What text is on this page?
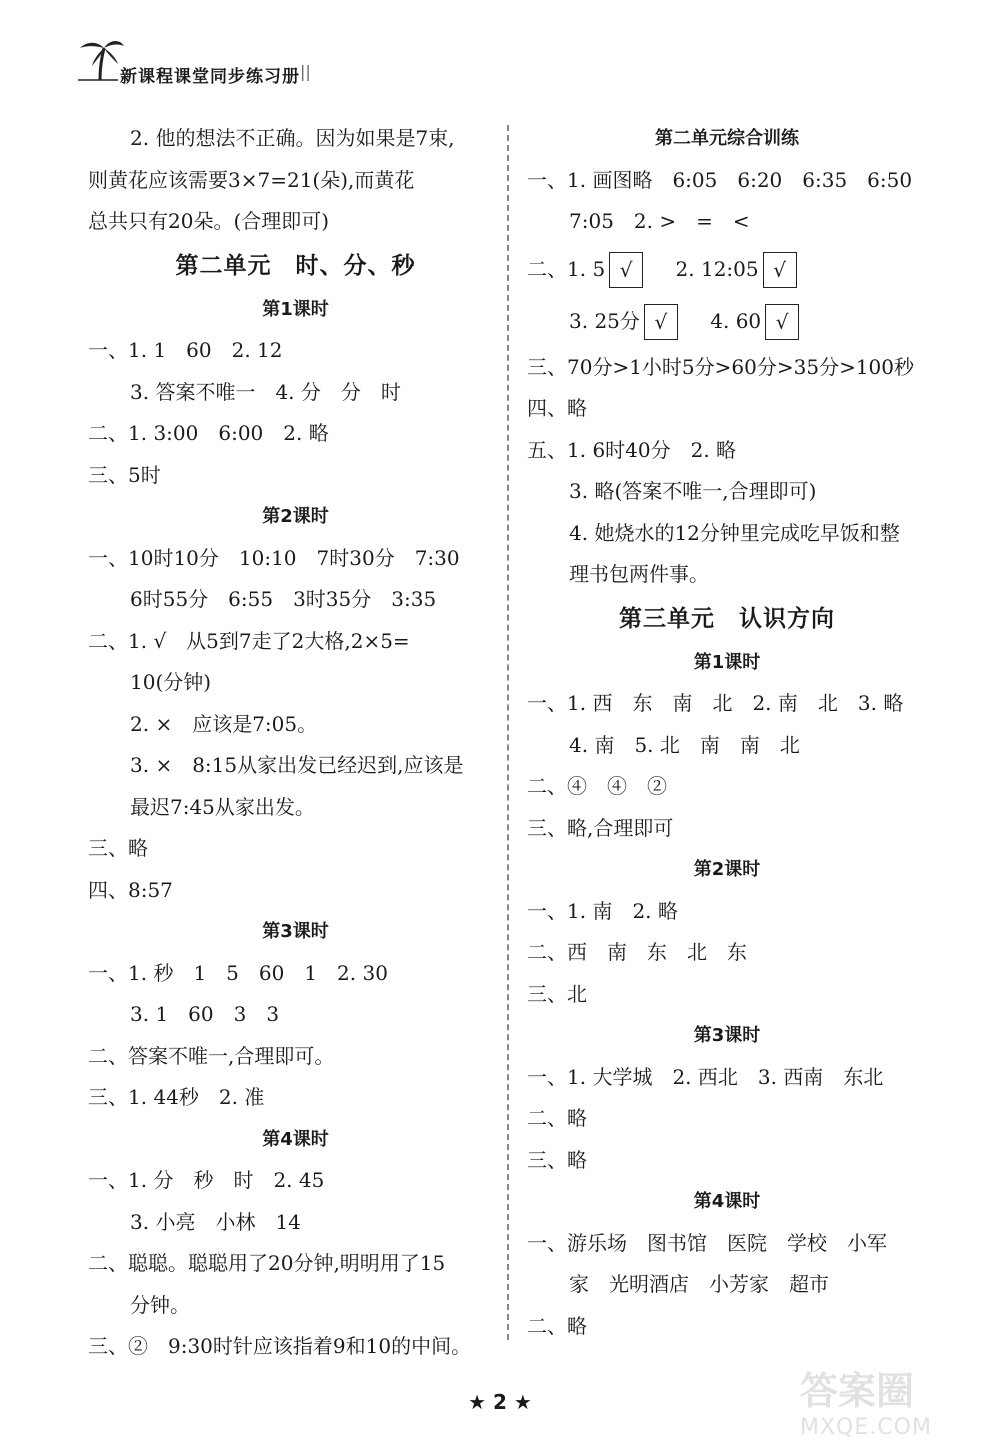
新课程课堂同步练习册 ||
2. 他的想法不正确。因为如果是7束,
则黄花应该需要3×7=21(朵),而黄花
总共只有20朵。(合理即可)
第二单元　时、分、秒
第1课时
一、1. 1　60　2. 12
3. 答案不唯一　4. 分　分　时
二、1. 3:00　6:00　2. 略
三、5时
第2课时
一、10时10分　10:10　7时30分　7:30
6时55分　6:55　3时35分　3:35
二、1. √　从5到7走了2大格,2×5=
10(分钟)
2. ×　应该是7:05。
3. ×　8:15从家出发已经迟到,应该是
最迟7:45从家出发。
三、略
四、8:57
第3课时
一、1. 秒　1　5　60　1　2. 30
3. 1　60　3　3
二、答案不唯一,合理即可。
三、1. 44秒　2. 准
第4课时
一、1. 分　秒　时　2. 45
3. 小亮　小林　14
二、聪聪。聪聪用了20分钟,明明用了15
分钟。
三、②　9:30时针应该指着9和10的中间。
第二单元综合训练
一、1. 画图略　6:05　6:20　6:35　6:50
7:05　2. >　=　<
二、1. 5 √ 2. 12:05 √
3. 25分 √ 4. 60 √
三、70分>1小时5分>60分>35分>100秒
四、略
五、1. 6时40分　2. 略
3. 略(答案不唯一,合理即可)
4. 她烧水的12分钟里完成吃早饭和整
理书包两件事。
第三单元　认识方向
第1课时
一、1. 西　东　南　北　2. 南　北　3. 略
4. 南　5. 北　南　南　北
二、④　④　②
三、略,合理即可
第2课时
一、1. 南　2. 略
二、西　南　东　北　东
三、北
第3课时
一、1. 大学城　2. 西北　3. 西南　东北
二、略
三、略
第4课时
一、游乐场　图书馆　医院　学校　小军
家　光明酒店　小芳家　超市
二、略
★ 2 ★	答案圈
MXQE.COM
